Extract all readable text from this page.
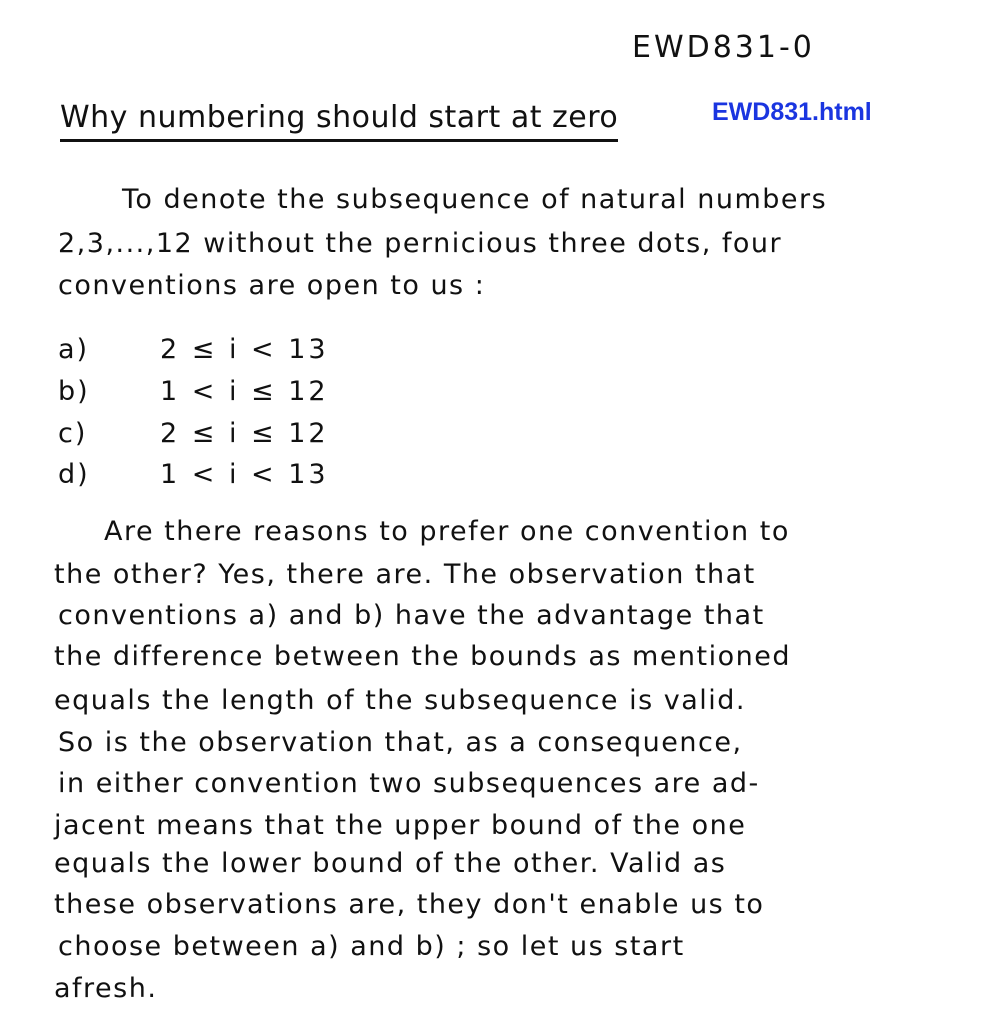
EWD831-0
Why numbering should start at zero	EWD831.html
To denote the subsequence of natural numbers
2,3,...,12 without the pernicious three dots, four
conventions are open to us :
a)	2 ≤ i < 13
b)	1 < i ≤ 12
c)	2 ≤ i ≤ 12
d)	1 < i < 13
Are there reasons to prefer one convention to
the other? Yes, there are. The observation that
conventions a) and b) have the advantage that
the difference between the bounds as mentioned
equals the length of the subsequence is valid.
So is the observation that, as a consequence,
in either convention two subsequences are ad-
jacent means that the upper bound of the one
equals the lower bound of the other. Valid as
these observations are, they don't enable us to
choose between a) and b) ; so let us start
afresh.
